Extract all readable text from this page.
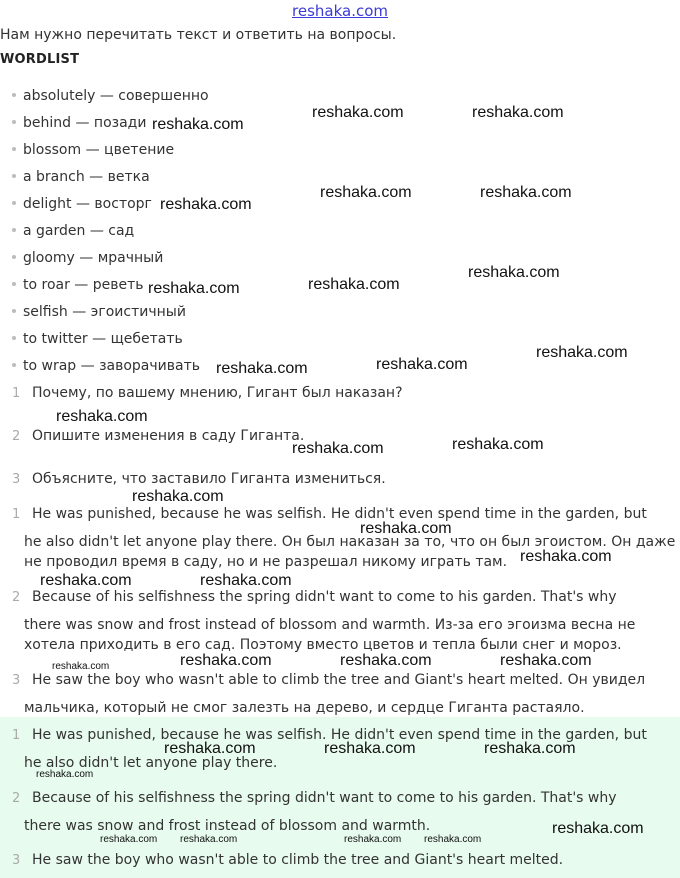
reshaka.com
Нам нужно перечитать текст и ответить на вопросы.
WORDLIST
absolutely — совершенно
behind — позади
blossom — цветение
a branch — ветка
delight — восторг
a garden — сад
gloomy — мрачный
to roar — реветь
selfish — эгоистичный
to twitter — щебетать
to wrap — заворачивать
1 Почему, по вашему мнению, Гигант был наказан?
2 Опишите изменения в саду Гиганта.
3 Объясните, что заставило Гиганта измениться.
1 He was punished, because he was selfish. He didn't even spend time in the garden, but
he also didn't let anyone play there. Он был наказан за то, что он был эгоистом. Он даже
не проводил время в саду, но и не разрешал никому играть там.
2 Because of his selfishness the spring didn't want to come to his garden. That's why
there was snow and frost instead of blossom and warmth. Из-за его эгоизма весна не
хотела приходить в его сад. Поэтому вместо цветов и тепла были снег и мороз.
3 He saw the boy who wasn't able to climb the tree and Giant's heart melted. Он увидел
мальчика, который не смог залезть на дерево, и сердце Гиганта растаяло.
1 He was punished, because he was selfish. He didn't even spend time in the garden, but
he also didn't let anyone play there.
2 Because of his selfishness the spring didn't want to come to his garden. That's why
there was snow and frost instead of blossom and warmth.
3 He saw the boy who wasn't able to climb the tree and Giant's heart melted.
reshaka.com
reshaka.com	reshaka.com
reshaka.com
reshaka.com	reshaka.com
reshaka.com	reshaka.com
reshaka.com
reshaka.com	reshaka.com
reshaka.com
reshaka.com
reshaka.com	reshaka.com
reshaka.com
reshaka.com
reshaka.com
reshaka.com	reshaka.com
reshaka.com	reshaka.com	reshaka.com	reshaka.com
reshaka.com	reshaka.com	reshaka.com
reshaka.com
reshaka.com reshaka.com	reshaka.com reshaka.com
reshaka.com
